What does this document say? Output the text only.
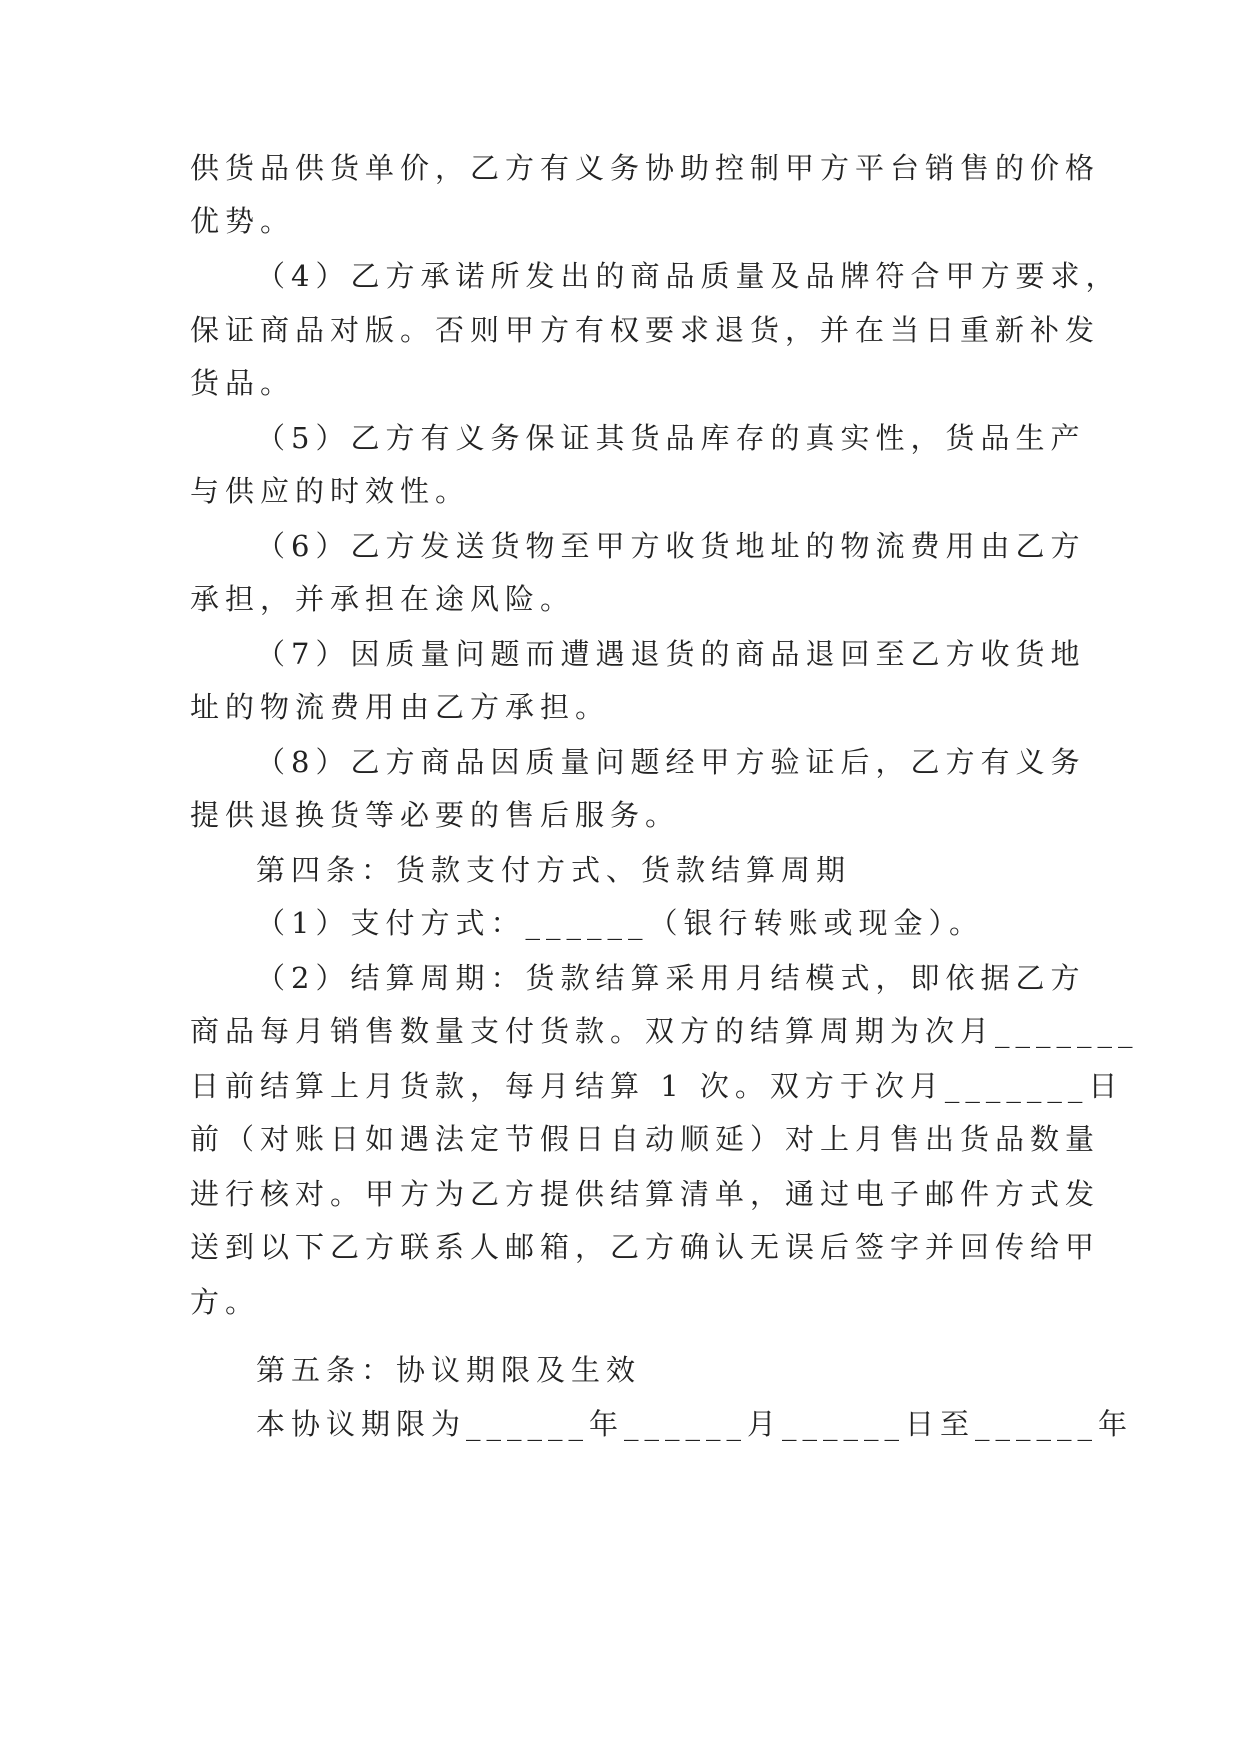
供货品供货单价，乙方有义务协助控制甲方平台销售的价格
优势。
（4）乙方承诺所发出的商品质量及品牌符合甲方要求，
保证商品对版。否则甲方有权要求退货，并在当日重新补发
货品。
（5）乙方有义务保证其货品库存的真实性，货品生产
与供应的时效性。
（6）乙方发送货物至甲方收货地址的物流费用由乙方
承担，并承担在途风险。
（7）因质量问题而遭遇退货的商品退回至乙方收货地
址的物流费用由乙方承担。
（8）乙方商品因质量问题经甲方验证后，乙方有义务
提供退换货等必要的售后服务。
第四条：货款支付方式、货款结算周期
（1）支付方式：______（银行转账或现金）。
（2）结算周期：货款结算采用月结模式，即依据乙方
商品每月销售数量支付货款。双方的结算周期为次月_______
日前结算上月货款，每月结算 1 次。双方于次月_______日
前（对账日如遇法定节假日自动顺延）对上月售出货品数量
进行核对。甲方为乙方提供结算清单，通过电子邮件方式发
送到以下乙方联系人邮箱，乙方确认无误后签字并回传给甲
方。
第五条：协议期限及生效
本协议期限为______年______月______日至______年
